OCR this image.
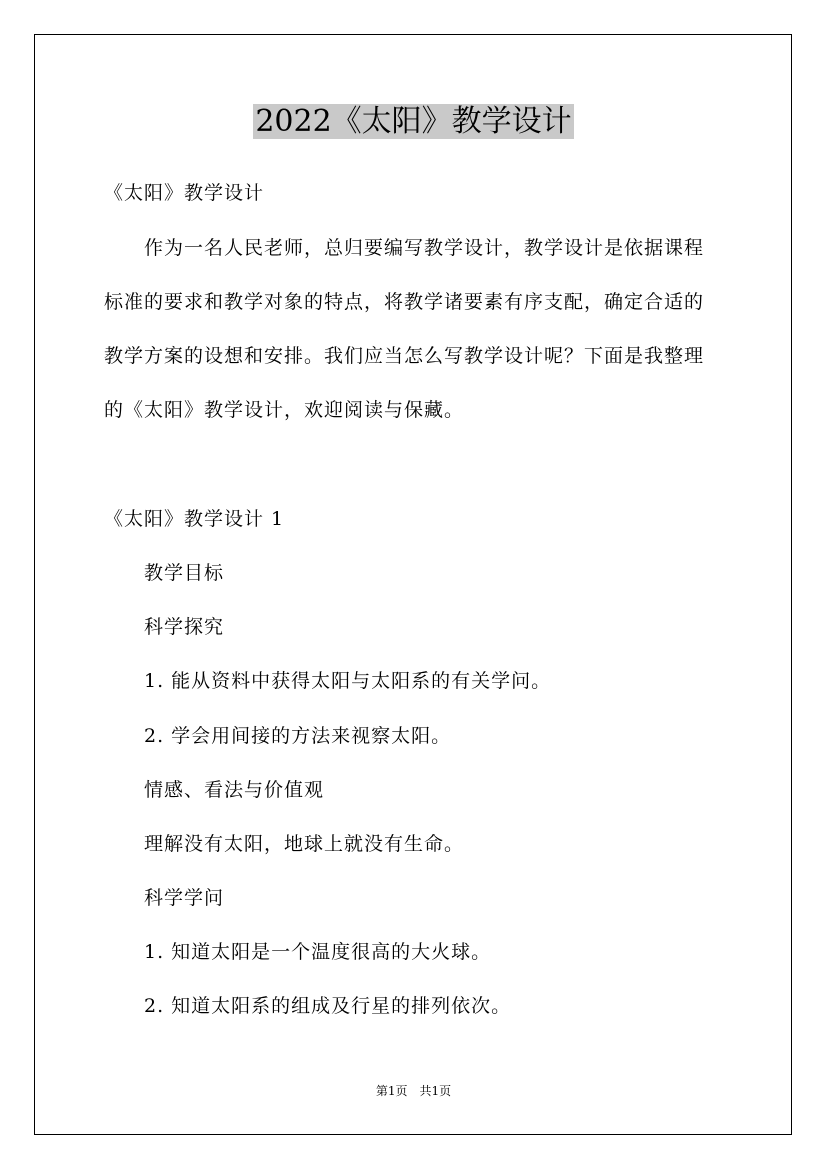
2022《太阳》教学设计
《太阳》教学设计
作为一名人民老师，总归要编写教学设计，教学设计是依据课程
标准的要求和教学对象的特点，将教学诸要素有序支配，确定合适的
教学方案的设想和安排。我们应当怎么写教学设计呢？下面是我整理
的《太阳》教学设计，欢迎阅读与保藏。
《太阳》教学设计 1
教学目标
科学探究
1. 能从资料中获得太阳与太阳系的有关学问。
2. 学会用间接的方法来视察太阳。
情感、看法与价值观
理解没有太阳，地球上就没有生命。
科学学问
1. 知道太阳是一个温度很高的大火球。
2. 知道太阳系的组成及行星的排列依次。
第1页　共1页
